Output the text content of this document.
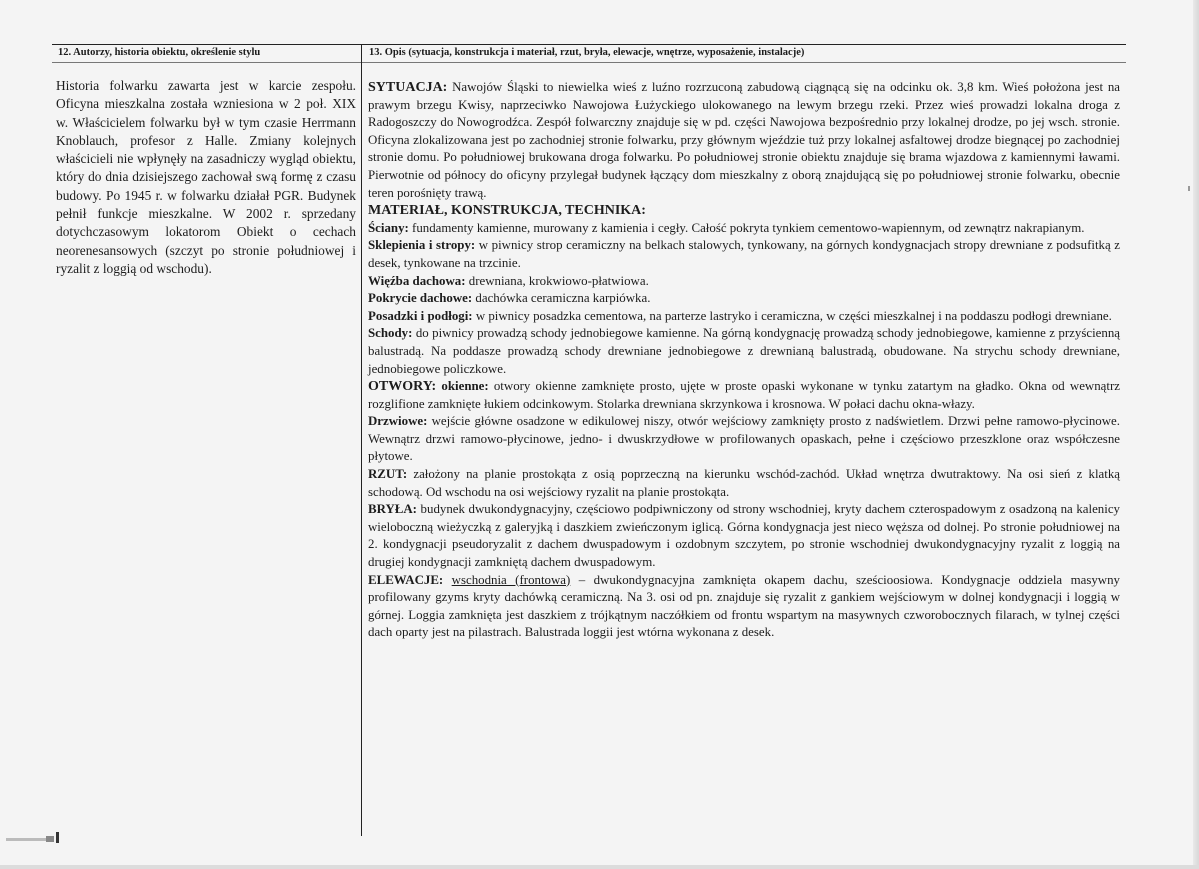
12. Autorzy, historia obiektu, określenie stylu	13. Opis (sytuacja, konstrukcja i materiał, rzut, bryła, elewacje, wnętrze, wyposażenie, instalacje)
Historia folwarku zawarta jest w karcie zespołu. Oficyna mieszkalna została wzniesiona w 2 poł. XIX w. Właścicielem folwarku był w tym czasie Herrmann Knoblauch, profesor z Halle. Zmiany kolejnych właścicieli nie wpłynęły na zasadniczy wygląd obiektu, który do dnia dzisiejszego zachował swą formę z czasu budowy. Po 1945 r. w folwarku działał PGR. Budynek pełnił funkcje mieszkalne. W 2002 r. sprzedany dotychczasowym lokatorom Obiekt o cechach neorenesansowych (szczyt po stronie południowej i ryzalit z loggią od wschodu).

SYTUACJA: Nawojów Śląski to niewielka wieś z luźno rozrzuconą zabudową ciągnącą się na odcinku ok. 3,8 km. Wieś położona jest na prawym brzegu Kwisy, naprzeciwko Nawojowa Łużyckiego ulokowanego na lewym brzegu rzeki. Przez wieś prowadzi lokalna droga z Radogoszczy do Nowogrodźca. Zespół folwarczny znajduje się w pd. części Nawojowa bezpośrednio przy lokalnej drodze, po jej wsch. stronie. Oficyna zlokalizowana jest po zachodniej stronie folwarku, przy głównym wjeździe tuż przy lokalnej asfaltowej drodze biegnącej po zachodniej stronie domu. Po południowej brukowana droga folwarku. Po południowej stronie obiektu znajduje się brama wjazdowa z kamiennymi ławami. Pierwotnie od północy do oficyny przylegał budynek łączący dom mieszkalny z oborą znajdującą się po południowej stronie folwarku, obecnie teren porośnięty trawą.

MATERIAŁ, KONSTRUKCJA, TECHNIKA:

Ściany: fundamenty kamienne, murowany z kamienia i cegły. Całość pokryta tynkiem cementowo-wapiennym, od zewnątrz nakrapianym.

Sklepienia i stropy: w piwnicy strop ceramiczny na belkach stalowych, tynkowany, na górnych kondygnacjach stropy drewniane z podsufitką z desek, tynkowane na trzcinie.

Więźba dachowa: drewniana, krokwiowo-płatwiowa.

Pokrycie dachowe: dachówka ceramiczna karpiówka.

Posadzki i podłogi: w piwnicy posadzka cementowa, na parterze lastryko i ceramiczna, w części mieszkalnej i na poddaszu podłogi drewniane.

Schody: do piwnicy prowadzą schody jednobiegowe kamienne. Na górną kondygnację prowadzą schody jednobiegowe, kamienne z przyścienną balustradą. Na poddasze prowadzą schody drewniane jednobiegowe z drewnianą balustradą, obudowane. Na strychu schody drewniane, jednobiegowe policzkowe.

OTWORY: okienne: otwory okienne zamknięte prosto, ujęte w proste opaski wykonane w tynku zatartym na gładko. Okna od wewnątrz rozglifione zamknięte łukiem odcinkowym. Stolarka drewniana skrzynkowa i krosnowa. W połaci dachu okna-włazy.

Drzwiowe: wejście główne osadzone w edikulowej niszy, otwór wejściowy zamknięty prosto z nadświetlem. Drzwi pełne ramowo-płycinowe. Wewnątrz drzwi ramowo-płycinowe, jedno- i dwuskrzydłowe w profilowanych opaskach, pełne i częściowo przeszklone oraz współczesne płytowe.

RZUT: założony na planie prostokąta z osią poprzeczną na kierunku wschód-zachód. Układ wnętrza dwutraktowy. Na osi sień z klatką schodową. Od wschodu na osi wejściowy ryzalit na planie prostokąta.

BRYŁA: budynek dwukondygnacyjny, częściowo podpiwniczony od strony wschodniej, kryty dachem czterospadowym z osadzoną na kalenicy wieloboczną wieżyczką z galeryjką i daszkiem zwieńczonym iglicą. Górna kondygnacja jest nieco węższa od dolnej. Po stronie południowej na 2. kondygnacji pseudoryzalit z dachem dwuspadowym i ozdobnym szczytem, po stronie wschodniej dwukondygnacyjny ryzalit z loggią na drugiej kondygnacji zamkniętą dachem dwuspadowym.

ELEWACJE: wschodnia (frontowa) – dwukondygnacyjna zamknięta okapem dachu, sześcioosiowa. Kondygnacje oddziela masywny profilowany gzyms kryty dachówką ceramiczną. Na 3. osi od pn. znajduje się ryzalit z gankiem wejściowym w dolnej kondygnacji i loggią w górnej. Loggia zamknięta jest daszkiem z trójkątnym naczółkiem od frontu wspartym na masywnych czworobocznych filarach, w tylnej części dach oparty jest na pilastrach. Balustrada loggii jest wtórna wykonana z desek.
